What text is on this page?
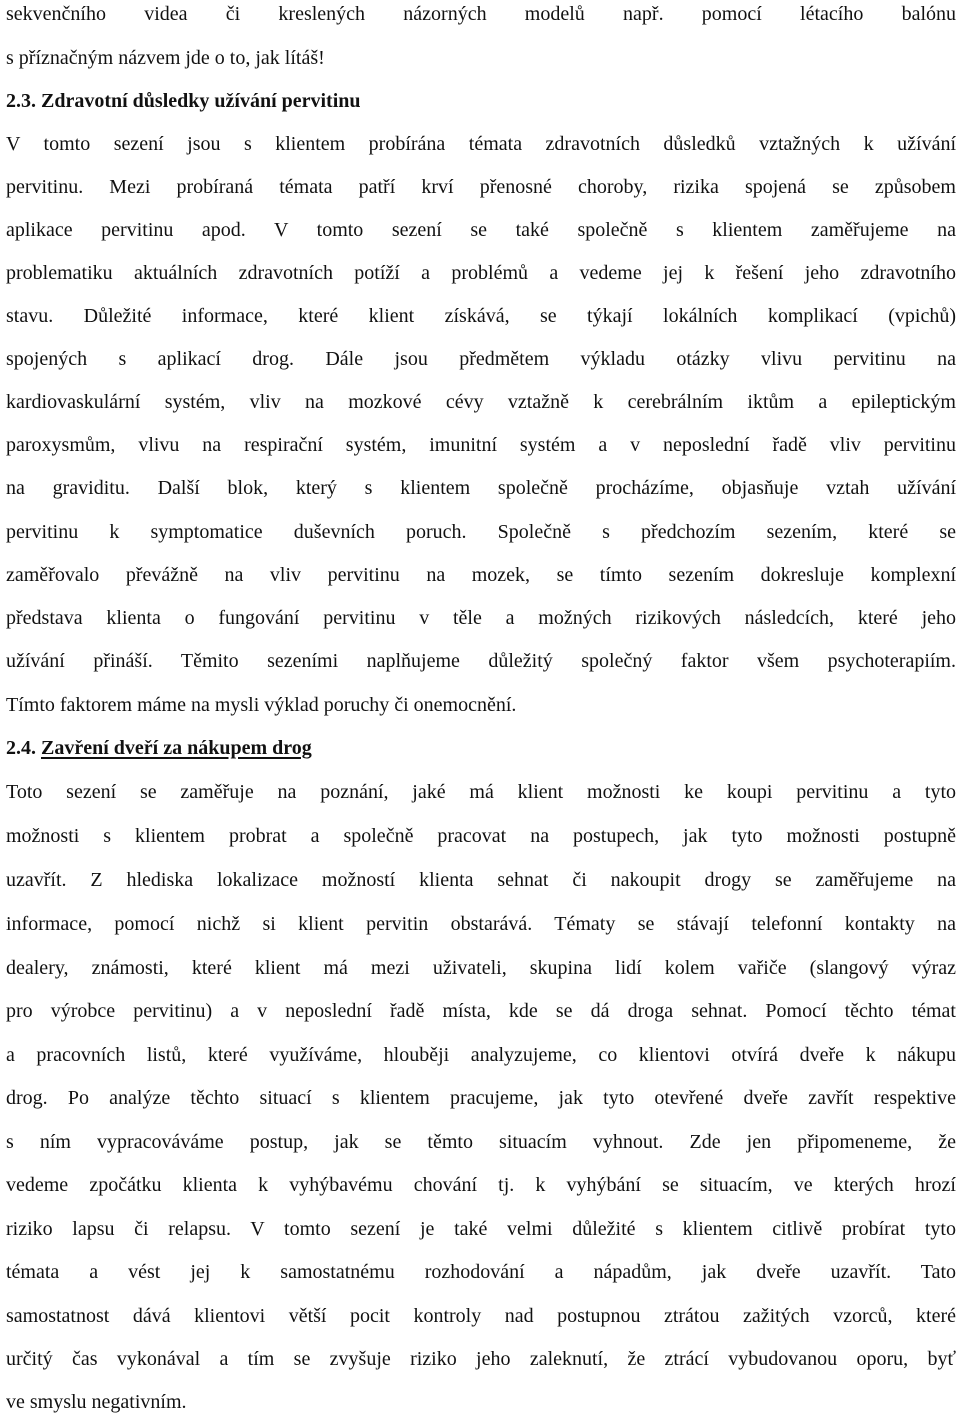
sekvenčního videa či kreslených názorných modelů např. pomocí létacího balónu
s příznačným názvem jde o to, jak lítáš!
2.3. Zdravotní důsledky užívání pervitinu
V tomto sezení jsou s klientem probírána témata zdravotních důsledků vztažných k užívání
pervitinu. Mezi probíraná témata patří krví přenosné choroby, rizika spojená se způsobem
aplikace pervitinu apod. V tomto sezení se také společně s klientem zaměřujeme na
problematiku aktuálních zdravotních potíží a problémů a vedeme jej k řešení jeho zdravotního
stavu. Důležité informace, které klient získává, se týkají lokálních komplikací (vpichů)
spojených s aplikací drog. Dále jsou předmětem výkladu otázky vlivu pervitinu na
kardiovaskulární systém, vliv na mozkové cévy vztažně k cerebrálním iktům a epileptickým
paroxysmům, vlivu na respirační systém, imunitní systém a v neposlední řadě vliv pervitinu
na graviditu. Další blok, který s klientem společně procházíme, objasňuje vztah užívání
pervitinu k symptomatice duševních poruch. Společně s předchozím sezením, které se
zaměřovalo převážně na vliv pervitinu na mozek, se tímto sezením dokresluje komplexní
představa klienta o fungování pervitinu v těle a možných rizikových následcích, které jeho
užívání přináší. Těmito sezeními naplňujeme důležitý společný faktor všem psychoterapiím.
Tímto faktorem máme na mysli výklad poruchy či onemocnění.
2.4. Zavření dveří za nákupem drog
Toto sezení se zaměřuje na poznání, jaké má klient možnosti ke koupi pervitinu a tyto
možnosti s klientem probrat a společně pracovat na postupech, jak tyto možnosti postupně
uzavřít. Z hlediska lokalizace možností klienta sehnat či nakoupit drogy se zaměřujeme na
informace, pomocí nichž si klient pervitin obstarává. Tématy se stávají telefonní kontakty na
dealery, známosti, které klient má mezi uživateli, skupina lidí kolem vařiče (slangový výraz
pro výrobce pervitinu) a v neposlední řadě místa, kde se dá droga sehnat. Pomocí těchto témat
a pracovních listů, které využíváme, hlouběji analyzujeme, co klientovi otvírá dveře k nákupu
drog. Po analýze těchto situací s klientem pracujeme, jak tyto otevřené dveře zavřít respektive
s ním vypracováváme postup, jak se těmto situacím vyhnout. Zde jen připomeneme, že
vedeme zpočátku klienta k vyhýbavému chování tj. k vyhýbání se situacím, ve kterých hrozí
riziko lapsu či relapsu. V tomto sezení je také velmi důležité s klientem citlivě probírat tyto
témata a vést jej k samostatnému rozhodování a nápadům, jak dveře uzavřít. Tato
samostatnost dává klientovi větší pocit kontroly nad postupnou ztrátou zažitých vzorců, které
určitý čas vykonával a tím se zvyšuje riziko jeho zaleknutí, že ztrácí vybudovanou oporu, byť
ve smyslu negativním.
